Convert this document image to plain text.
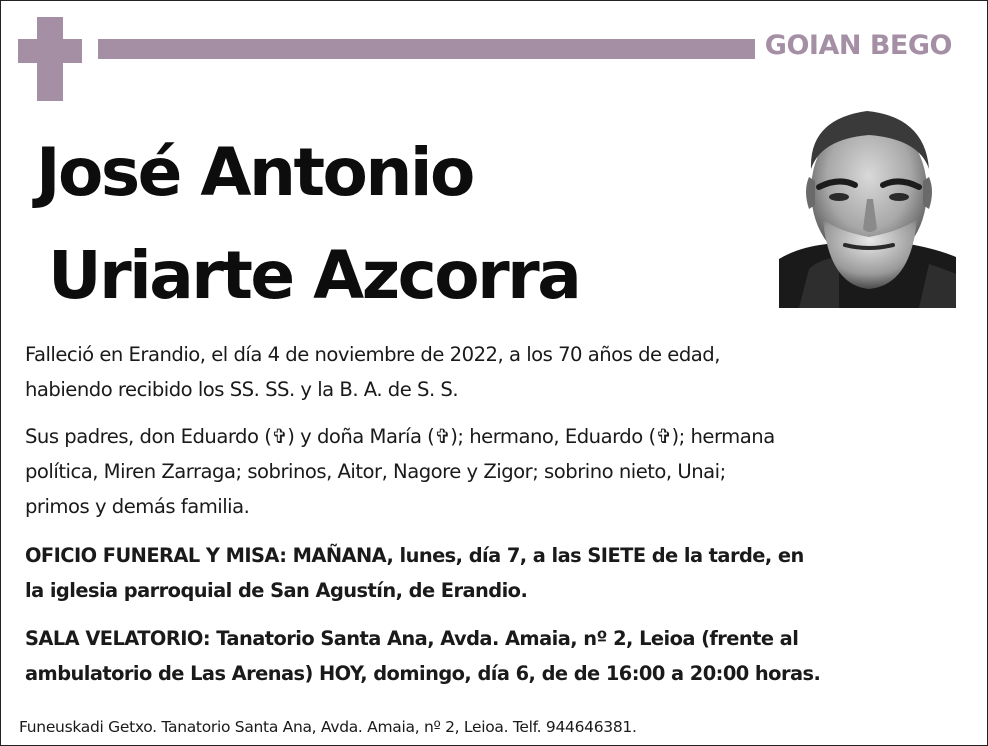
GOIAN BEGO
José Antonio
Uriarte Azcorra
Falleció en Erandio, el día 4 de noviembre de 2022, a los 70 años de edad,
habiendo recibido los SS. SS. y la B. A. de S. S.
Sus padres, don Eduardo (✞) y doña María (✞); hermano, Eduardo (✞); hermana
política, Miren Zarraga; sobrinos, Aitor, Nagore y Zigor; sobrino nieto, Unai;
primos y demás familia.
OFICIO FUNERAL Y MISA: MAÑANA, lunes, día 7, a las SIETE de la tarde, en
la iglesia parroquial de San Agustín, de Erandio.
SALA VELATORIO: Tanatorio Santa Ana, Avda. Amaia, nº 2, Leioa (frente al
ambulatorio de Las Arenas) HOY, domingo, día 6, de de 16:00 a 20:00 horas.
Funeuskadi Getxo. Tanatorio Santa Ana, Avda. Amaia, nº 2, Leioa. Telf. 944646381.
